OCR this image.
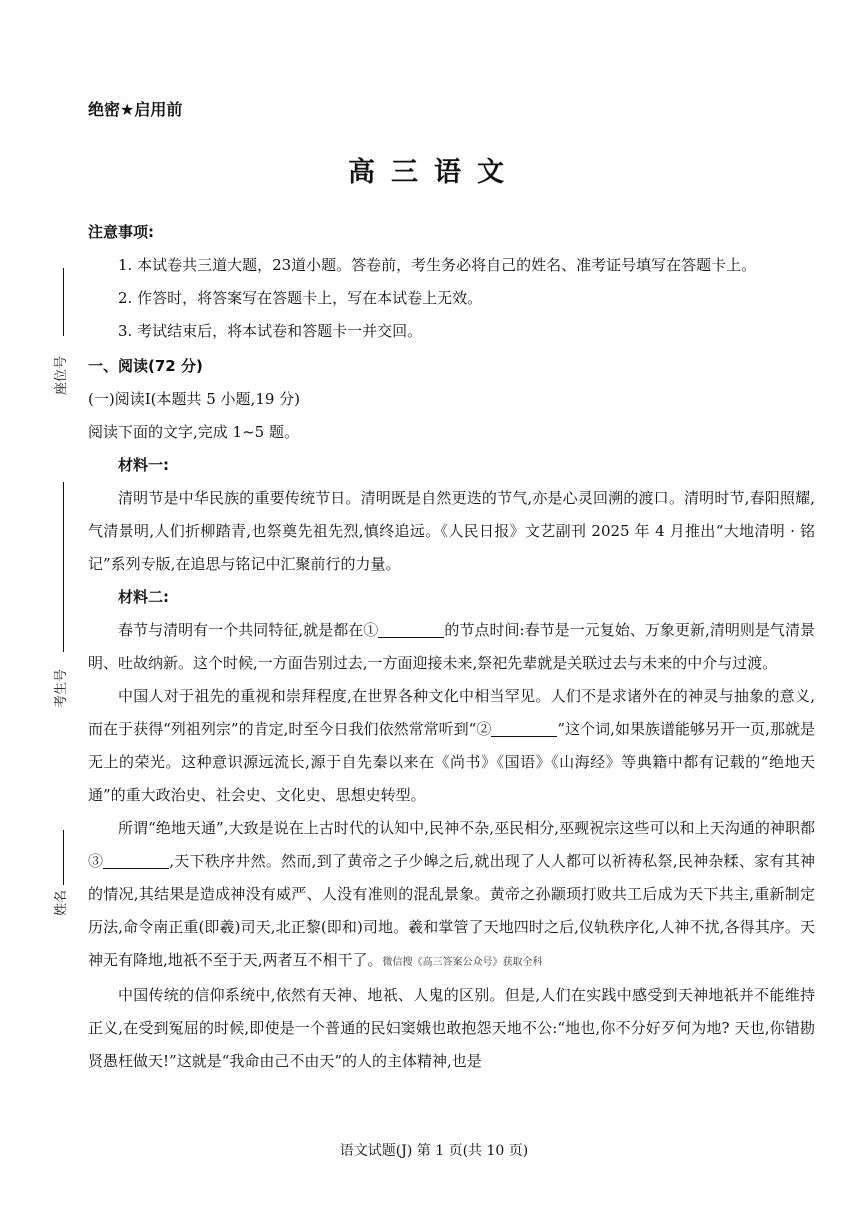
绝密★启用前
高三语文
座位号
考生号
姓名

注意事项:

1. 本试卷共三道大题，23道小题。答卷前，考生务必将自己的姓名、准考证号填写在答题卡上。

2. 作答时，将答案写在答题卡上，写在本试卷上无效。

3. 考试结束后，将本试卷和答题卡一并交回。

一、阅读(72 分)

(一)阅读Ⅰ(本题共 5 小题,19 分)

阅读下面的文字,完成 1~5 题。

材料一:

清明节是中华民族的重要传统节日。清明既是自然更迭的节气,亦是心灵回溯的渡口。清明时节,春阳照耀,气清景明,人们折柳踏青,也祭奠先祖先烈,慎终追远。《人民日报》文艺副刊 2025 年 4 月推出“大地清明 · 铭记”系列专版,在追思与铭记中汇聚前行的力量。

材料二:

春节与清明有一个共同特征,就是都在①	的节点时间:春节是一元复始、万象更新,清明则是气清景明、吐故纳新。这个时候,一方面告别过去,一方面迎接未来,祭祀先辈就是关联过去与未来的中介与过渡。

中国人对于祖先的重视和崇拜程度,在世界各种文化中相当罕见。人们不是求诸外在的神灵与抽象的意义,而在于获得“列祖列宗”的肯定,时至今日我们依然常常听到“②	”这个词,如果族谱能够另开一页,那就是无上的荣光。这种意识源远流长,源于自先秦以来在《尚书》《国语》《山海经》等典籍中都有记载的“绝地天通”的重大政治史、社会史、文化史、思想史转型。

所谓“绝地天通”,大致是说在上古时代的认知中,民神不杂,巫民相分,巫觋祝宗这些可以和上天沟通的神职都③	,天下秩序井然。然而,到了黄帝之子少皞之后,就出现了人人都可以祈祷私祭,民神杂糅、家有其神的情况,其结果是造成神没有威严、人没有准则的混乱景象。黄帝之孙颛顼打败共工后成为天下共主,重新制定历法,命令南正重(即羲)司天,北正黎(即和)司地。羲和掌管了天地四时之后,仪轨秩序化,人神不扰,各得其序。天神无有降地,地祇不至于天,两者互不相干了。微信搜《高三答案公众号》获取全科

中国传统的信仰系统中,依然有天神、地祇、人鬼的区别。但是,人们在实践中感受到天神地祇并不能维持正义,在受到冤屈的时候,即使是一个普通的民妇窦娥也敢抱怨天地不公:“地也,你不分好歹何为地? 天也,你错勘贤愚枉做天!”这就是“我命由己不由天”的人的主体精神,也是

语文试题(J) 第 1 页(共 10 页)
